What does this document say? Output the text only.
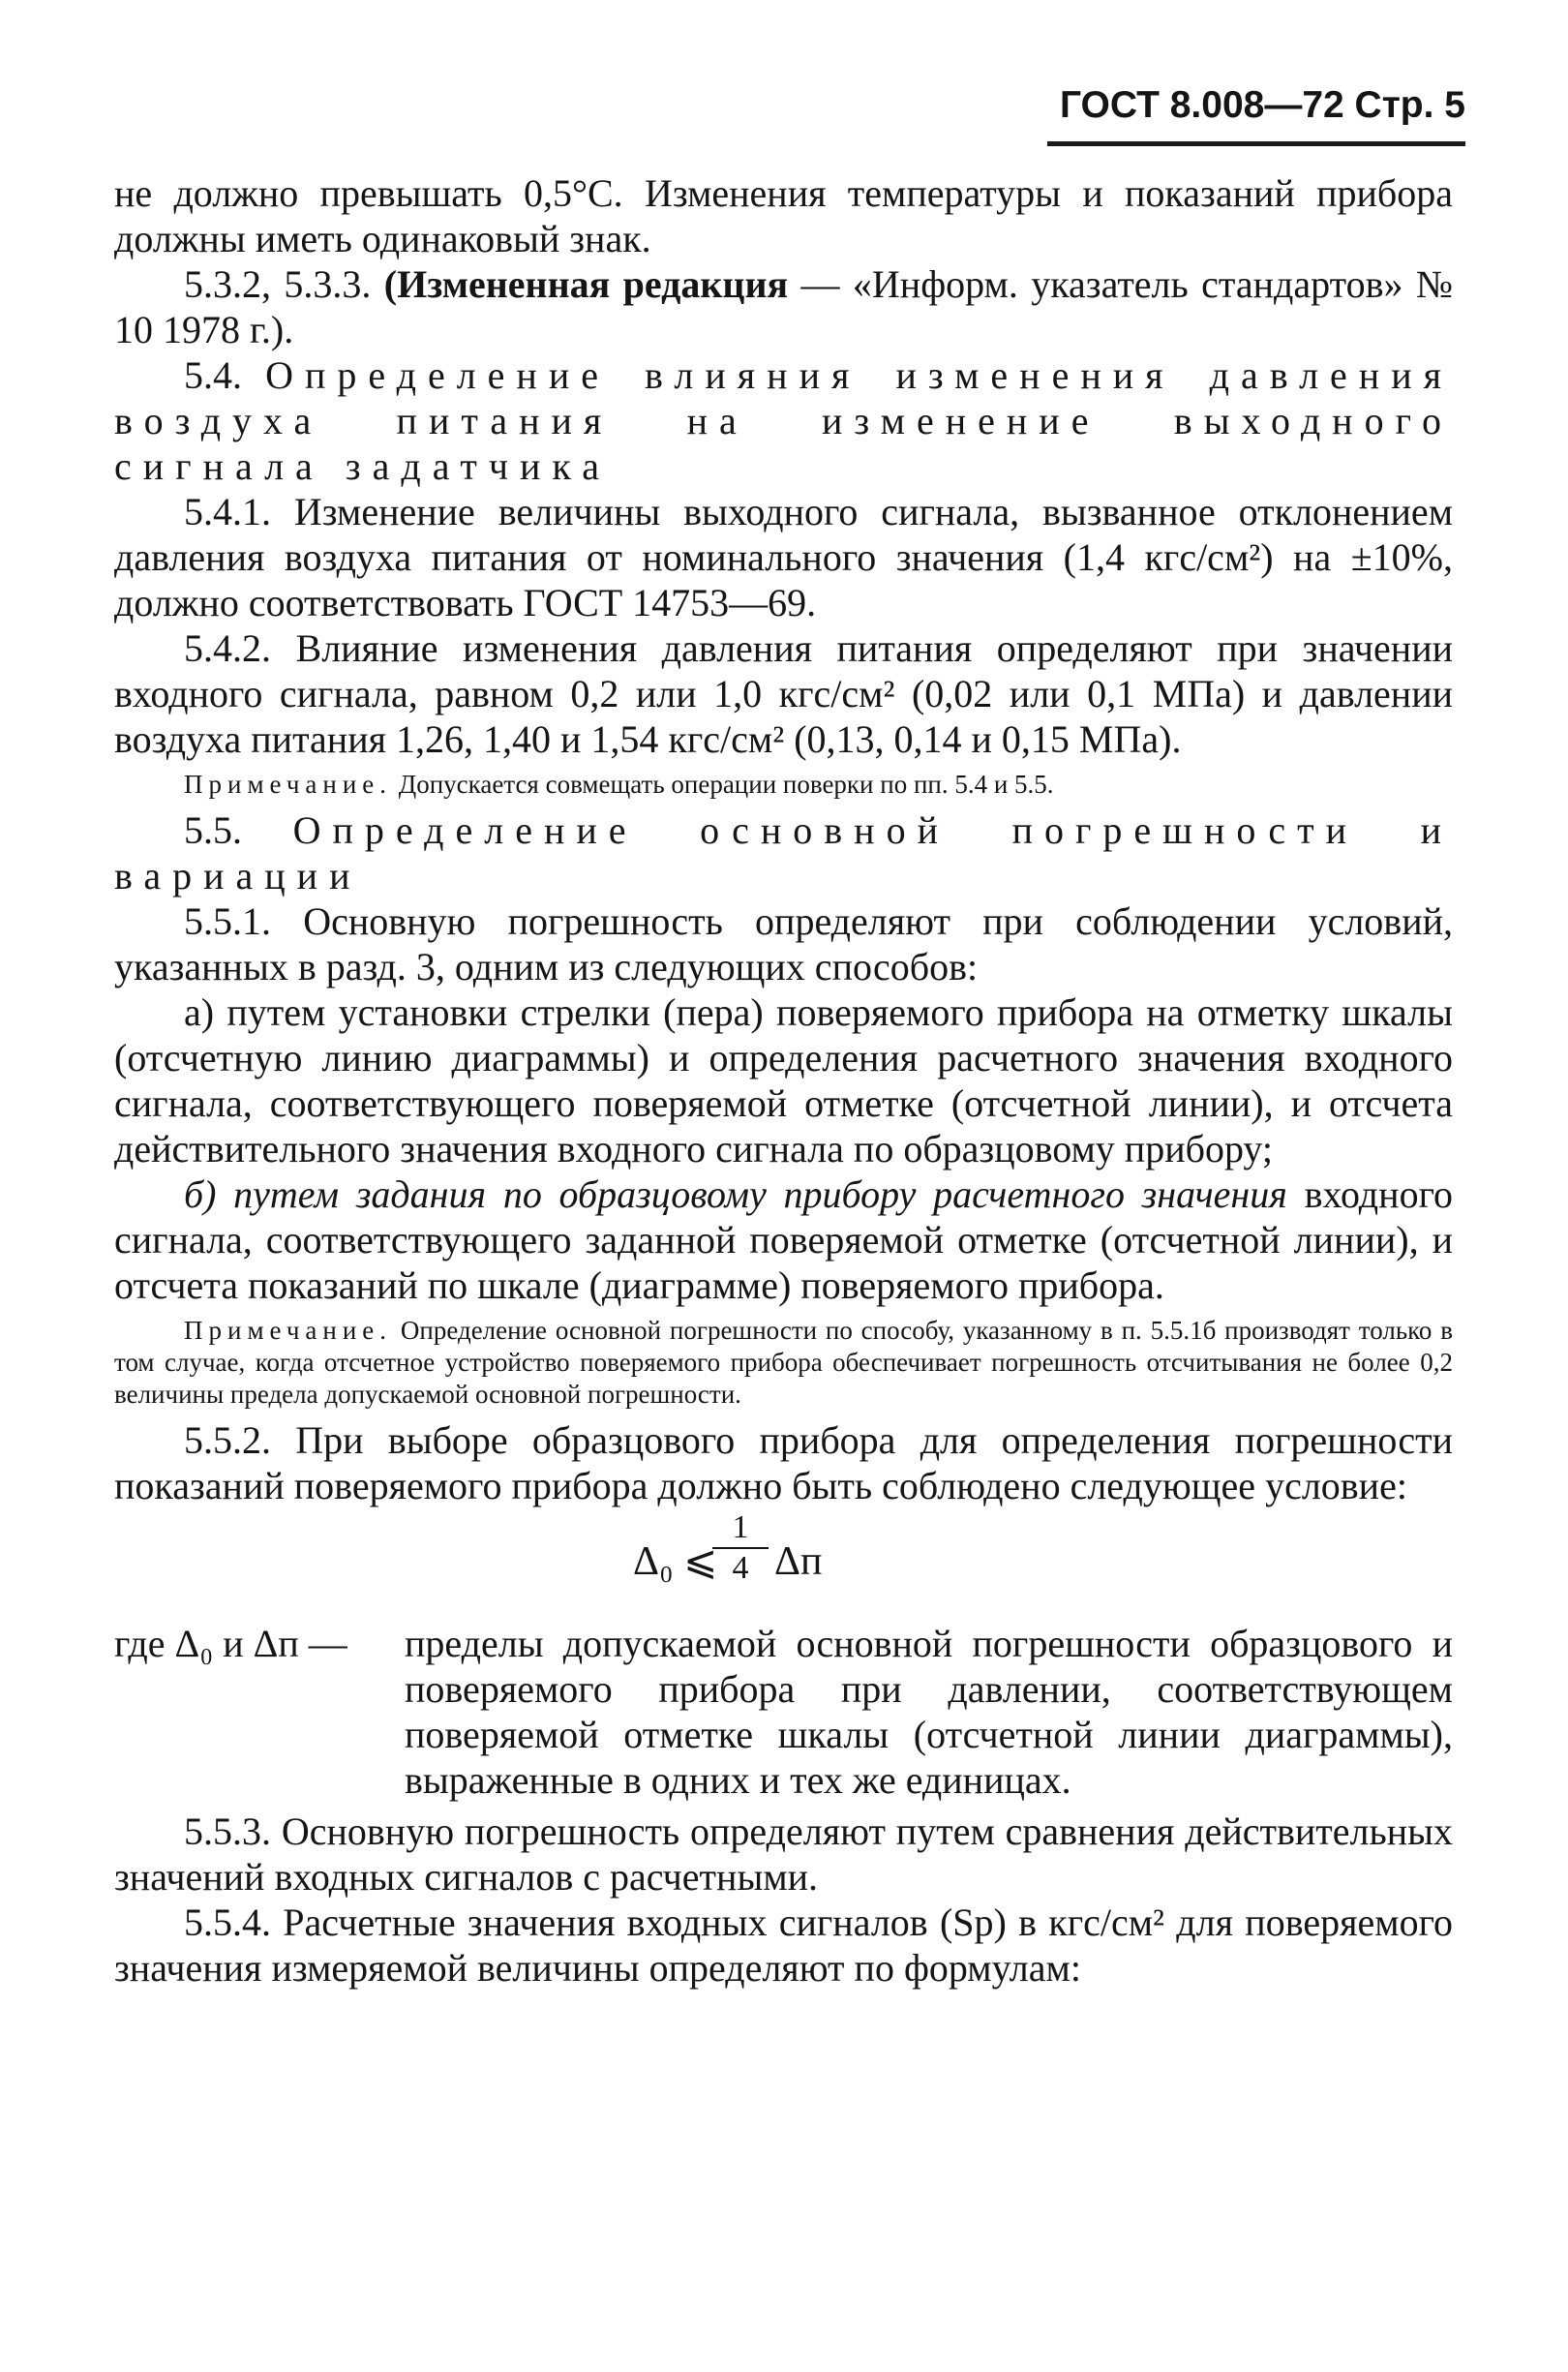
ГОСТ 8.008—72 Стр. 5

не должно превышать 0,5°С. Изменения температуры и показаний прибора должны иметь одинаковый знак.

5.3.2, 5.3.3. (Измененная редакция — «Информ. указатель стандартов» № 10 1978 г.).

5.4. Определение влияния изменения давления воздуха питания на изменение выходного сигнала задатчика

5.4.1. Изменение величины выходного сигнала, вызванное отклонением давления воздуха питания от номинального значения (1,4 кгс/см²) на ±10%, должно соответствовать ГОСТ 14753—69.

5.4.2. Влияние изменения давления питания определяют при значении входного сигнала, равном 0,2 или 1,0 кгс/см² (0,02 или 0,1 МПа) и давлении воздуха питания 1,26, 1,40 и 1,54 кгс/см² (0,13, 0,14 и 0,15 МПа).

Примечание. Допускается совмещать операции поверки по пп. 5.4 и 5.5.

5.5. Определение основной погрешности и вариации

5.5.1. Основную погрешность определяют при соблюдении условий, указанных в разд. 3, одним из следующих способов:

а) путем установки стрелки (пера) поверяемого прибора на отметку шкалы (отсчетную линию диаграммы) и определения расчетного значения входного сигнала, соответствующего поверяемой отметке (отсчетной линии), и отсчета действительного значения входного сигнала по образцовому прибору;

б) путем задания по образцовому прибору расчетного значения входного сигнала, соответствующего заданной поверяемой отметке (отсчетной линии), и отсчета показаний по шкале (диаграмме) поверяемого прибора.

Примечание. Определение основной погрешности по способу, указанному в п. 5.5.1б производят только в том случае, когда отсчетное устройство поверяемого прибора обеспечивает погрешность отсчитывания не более 0,2 величины предела допускаемой основной погрешности.

5.5.2. При выборе образцового прибора для определения погрешности показаний поверяемого прибора должно быть соблюдено следующее условие:

Δ₀ ⩽
$\frac{1}{4}$ Δп
где Δ₀ и Δп —	пределы допускаемой основной погрешности образцового и поверяемого прибора при давлении, соответствующем поверяемой отметке шкалы (отсчетной линии диаграммы), выраженные в одних и тех же единицах.

5.5.3. Основную погрешность определяют путем сравнения действительных значений входных сигналов с расчетными.

5.5.4. Расчетные значения входных сигналов (Sр) в кгс/см² для поверяемого значения измеряемой величины определяют по формулам:
